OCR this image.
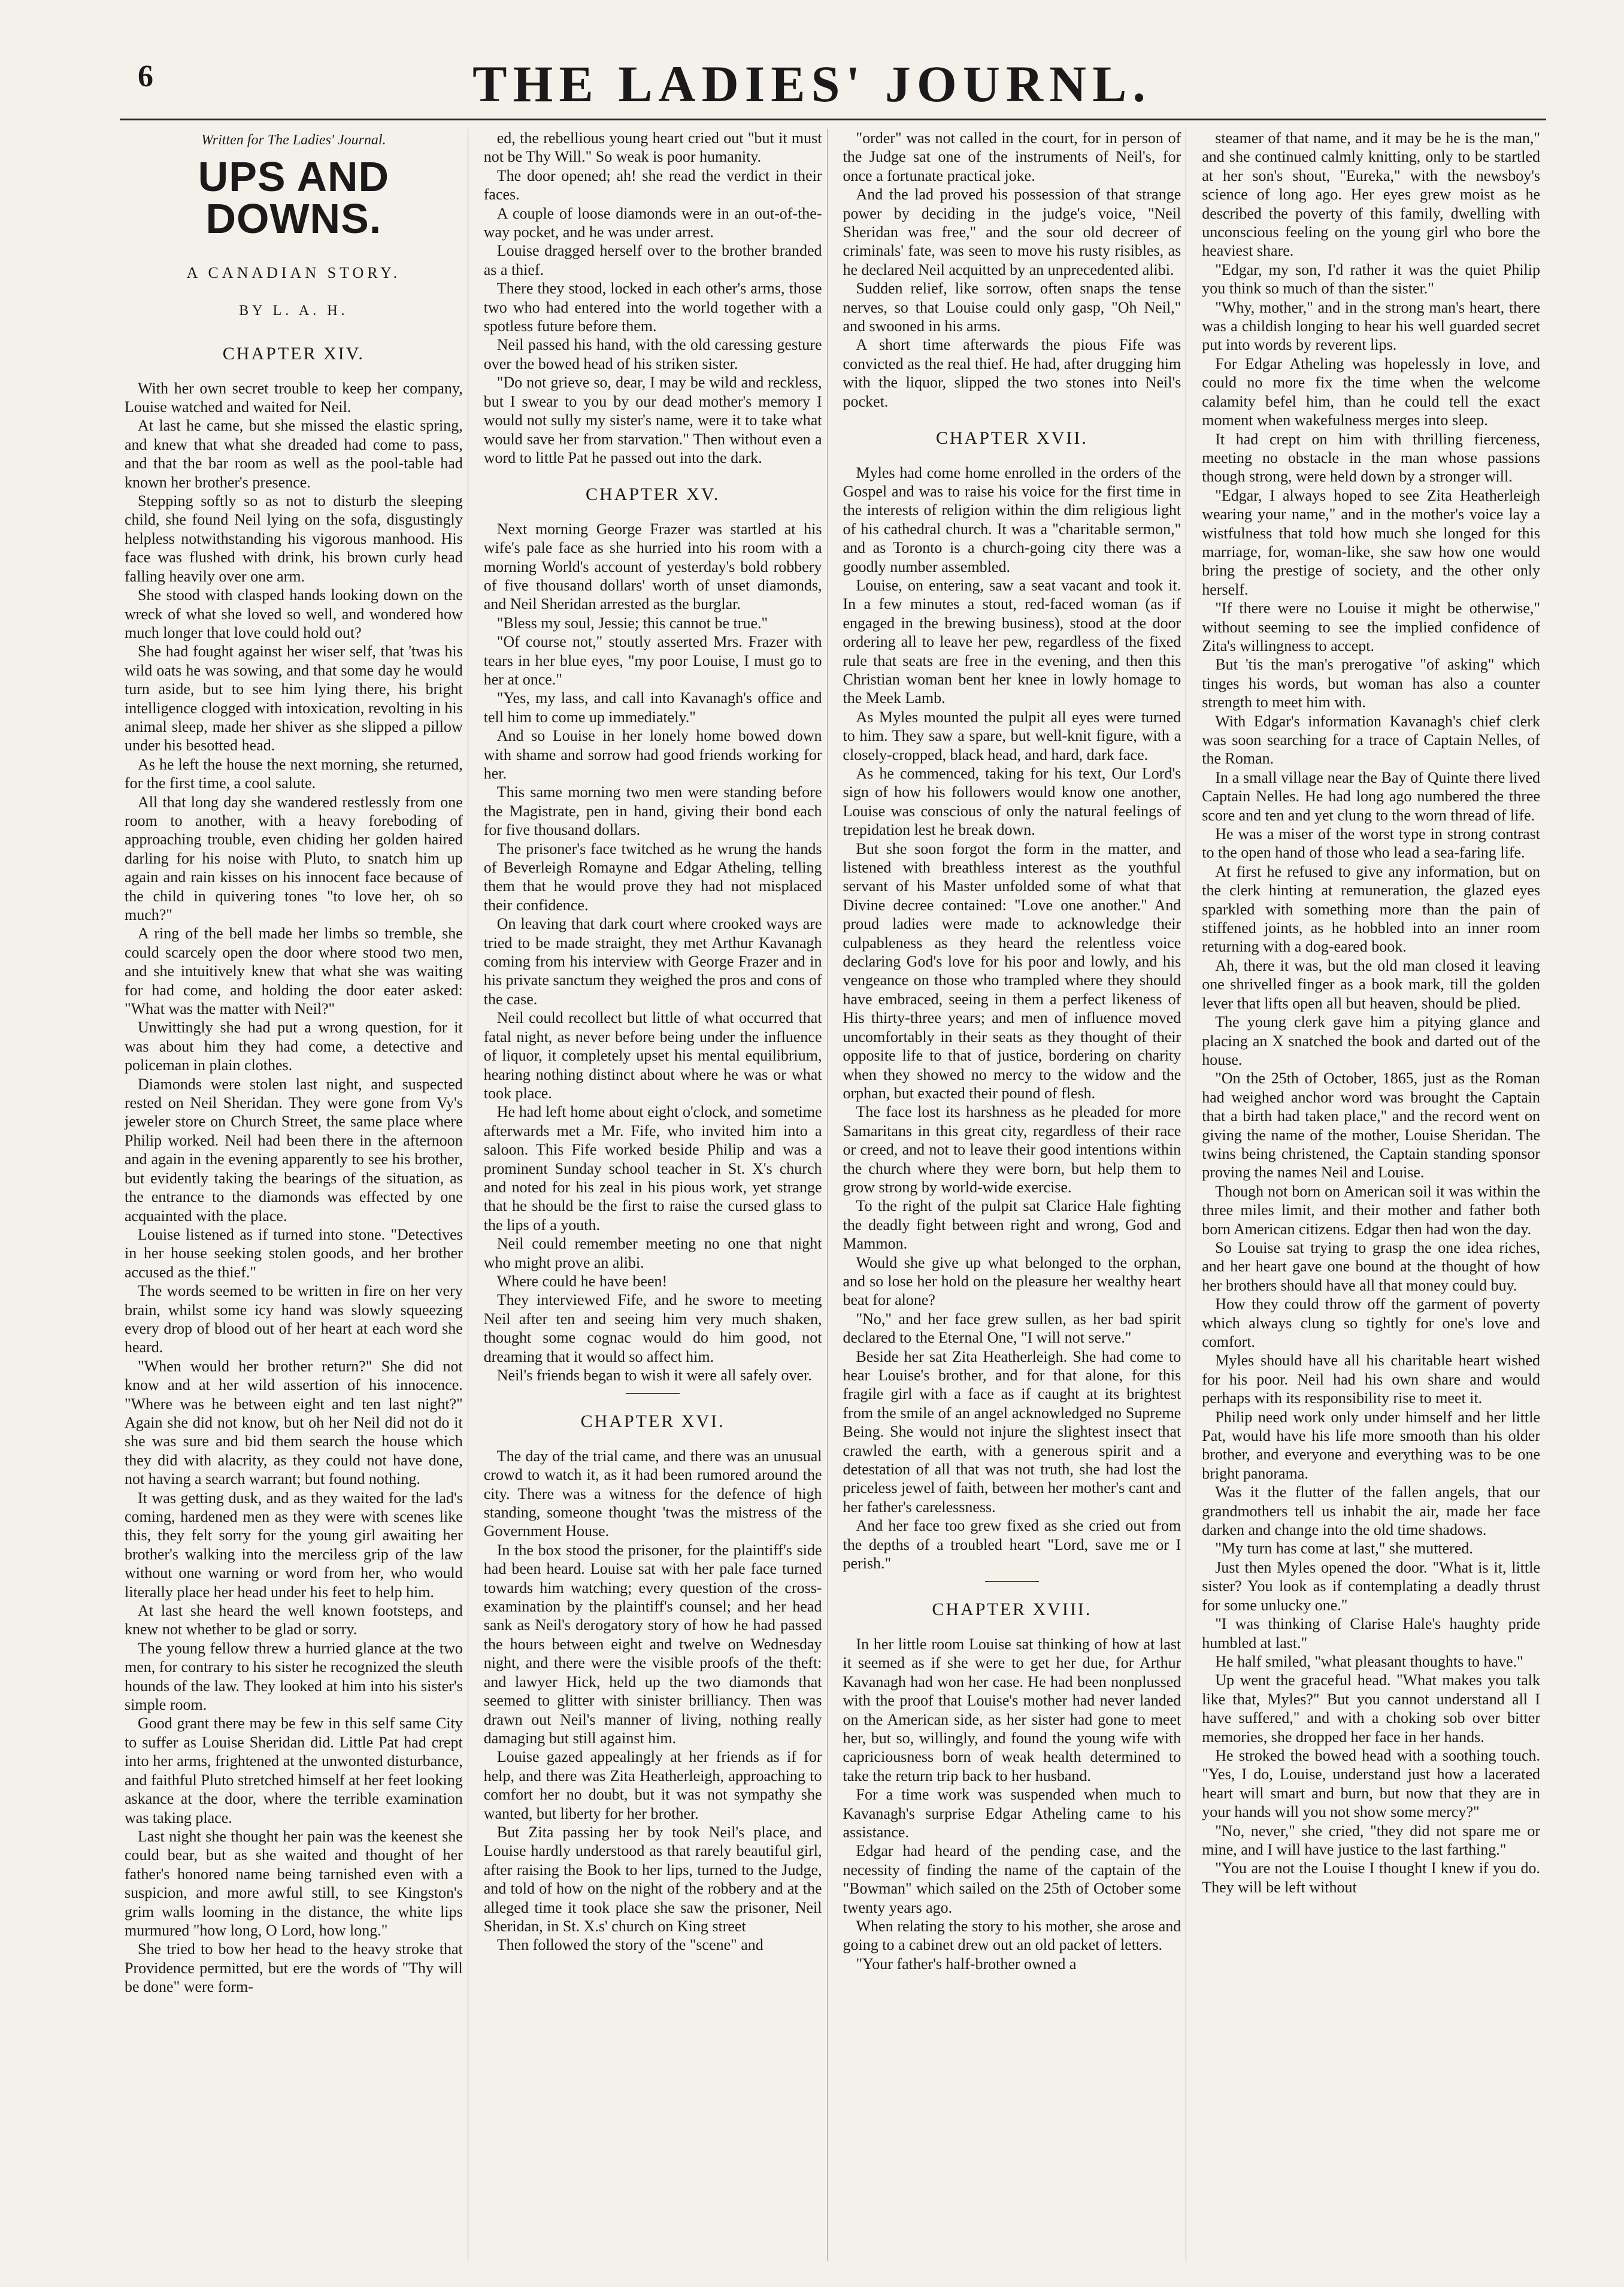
6	THE LADIES' JOURNL.
Written for The Ladies' Journal.
UPS AND DOWNS.
A CANADIAN STORY.
BY L. A. H.
CHAPTER XIV.

With her own secret trouble to keep her company, Louise watched and waited for Neil.

At last he came, but she missed the elastic spring, and knew that what she dreaded had come to pass, and that the bar room as well as the pool-table had known her brother's presence.

Stepping softly so as not to disturb the sleeping child, she found Neil lying on the sofa, disgustingly helpless notwithstanding his vigorous manhood. His face was flushed with drink, his brown curly head falling heavily over one arm.

She stood with clasped hands looking down on the wreck of what she loved so well, and wondered how much longer that love could hold out?

She had fought against her wiser self, that 'twas his wild oats he was sowing, and that some day he would turn aside, but to see him lying there, his bright intelligence clogged with intoxication, revolting in his animal sleep, made her shiver as she slipped a pillow under his besotted head.

As he left the house the next morning, she returned, for the first time, a cool salute.

All that long day she wandered restlessly from one room to another, with a heavy foreboding of approaching trouble, even chiding her golden haired darling for his noise with Pluto, to snatch him up again and rain kisses on his innocent face because of the child in quivering tones "to love her, oh so much?"

A ring of the bell made her limbs so tremble, she could scarcely open the door where stood two men, and she intuitively knew that what she was waiting for had come, and holding the door eater asked: "What was the matter with Neil?"

Unwittingly she had put a wrong question, for it was about him they had come, a detective and policeman in plain clothes.

Diamonds were stolen last night, and suspected rested on Neil Sheridan. They were gone from Vy's jeweler store on Church Street, the same place where Philip worked. Neil had been there in the afternoon and again in the evening apparently to see his brother, but evidently taking the bearings of the situation, as the entrance to the diamonds was effected by one acquainted with the place.

Louise listened as if turned into stone. "Detectives in her house seeking stolen goods, and her brother accused as the thief."

The words seemed to be written in fire on her very brain, whilst some icy hand was slowly squeezing every drop of blood out of her heart at each word she heard.

"When would her brother return?" She did not know and at her wild assertion of his innocence. "Where was he between eight and ten last night?" Again she did not know, but oh her Neil did not do it she was sure and bid them search the house which they did with alacrity, as they could not have done, not having a search warrant; but found nothing.

It was getting dusk, and as they waited for the lad's coming, hardened men as they were with scenes like this, they felt sorry for the young girl awaiting her brother's walking into the merciless grip of the law without one warning or word from her, who would literally place her head under his feet to help him.

At last she heard the well known footsteps, and knew not whether to be glad or sorry.

The young fellow threw a hurried glance at the two men, for contrary to his sister he recognized the sleuth hounds of the law. They looked at him into his sister's simple room.

Good grant there may be few in this self same City to suffer as Louise Sheridan did. Little Pat had crept into her arms, frightened at the unwonted disturbance, and faithful Pluto stretched himself at her feet looking askance at the door, where the terrible examination was taking place.

Last night she thought her pain was the keenest she could bear, but as she waited and thought of her father's honored name being tarnished even with a suspicion, and more awful still, to see Kingston's grim walls looming in the distance, the white lips murmured "how long, O Lord, how long."

She tried to bow her head to the heavy stroke that Providence permitted, but ere the words of "Thy will be done" were form-

ed, the rebellious young heart cried out "but it must not be Thy Will." So weak is poor humanity.

The door opened; ah! she read the verdict in their faces.

A couple of loose diamonds were in an out-of-the-way pocket, and he was under arrest.

Louise dragged herself over to the brother branded as a thief.

There they stood, locked in each other's arms, those two who had entered into the world together with a spotless future before them.

Neil passed his hand, with the old caressing gesture over the bowed head of his striken sister.

"Do not grieve so, dear, I may be wild and reckless, but I swear to you by our dead mother's memory I would not sully my sister's name, were it to take what would save her from starvation." Then without even a word to little Pat he passed out into the dark.

CHAPTER XV.

Next morning George Frazer was startled at his wife's pale face as she hurried into his room with a morning World's account of yesterday's bold robbery of five thousand dollars' worth of unset diamonds, and Neil Sheridan arrested as the burglar.

"Bless my soul, Jessie; this cannot be true."

"Of course not," stoutly asserted Mrs. Frazer with tears in her blue eyes, "my poor Louise, I must go to her at once."

"Yes, my lass, and call into Kavanagh's office and tell him to come up immediately."

And so Louise in her lonely home bowed down with shame and sorrow had good friends working for her.

This same morning two men were standing before the Magistrate, pen in hand, giving their bond each for five thousand dollars.

The prisoner's face twitched as he wrung the hands of Beverleigh Romayne and Edgar Atheling, telling them that he would prove they had not misplaced their confidence.

On leaving that dark court where crooked ways are tried to be made straight, they met Arthur Kavanagh coming from his interview with George Frazer and in his private sanctum they weighed the pros and cons of the case.

Neil could recollect but little of what occurred that fatal night, as never before being under the influence of liquor, it completely upset his mental equilibrium, hearing nothing distinct about where he was or what took place.

He had left home about eight o'clock, and sometime afterwards met a Mr. Fife, who invited him into a saloon. This Fife worked beside Philip and was a prominent Sunday school teacher in St. X's church and noted for his zeal in his pious work, yet strange that he should be the first to raise the cursed glass to the lips of a youth.

Neil could remember meeting no one that night who might prove an alibi.

Where could he have been!

They interviewed Fife, and he swore to meeting Neil after ten and seeing him very much shaken, thought some cognac would do him good, not dreaming that it would so affect him.

Neil's friends began to wish it were all safely over.

CHAPTER XVI.

The day of the trial came, and there was an unusual crowd to watch it, as it had been rumored around the city. There was a witness for the defence of high standing, someone thought 'twas the mistress of the Government House.

In the box stood the prisoner, for the plaintiff's side had been heard. Louise sat with her pale face turned towards him watching; every question of the cross-examination by the plaintiff's counsel; and her head sank as Neil's derogatory story of how he had passed the hours between eight and twelve on Wednesday night, and there were the visible proofs of the theft: and lawyer Hick, held up the two diamonds that seemed to glitter with sinister brilliancy. Then was drawn out Neil's manner of living, nothing really damaging but still against him.

Louise gazed appealingly at her friends as if for help, and there was Zita Heatherleigh, approaching to comfort her no doubt, but it was not sympathy she wanted, but liberty for her brother.

But Zita passing her by took Neil's place, and Louise hardly understood as that rarely beautiful girl, after raising the Book to her lips, turned to the Judge, and told of how on the night of the robbery and at the alleged time it took place she saw the prisoner, Neil Sheridan, in St. X.s' church on King street

Then followed the story of the "scene" and

"order" was not called in the court, for in person of the Judge sat one of the instruments of Neil's, for once a fortunate practical joke.

And the lad proved his possession of that strange power by deciding in the judge's voice, "Neil Sheridan was free," and the sour old decreer of criminals' fate, was seen to move his rusty risibles, as he declared Neil acquitted by an unprecedented alibi.

Sudden relief, like sorrow, often snaps the tense nerves, so that Louise could only gasp, "Oh Neil," and swooned in his arms.

A short time afterwards the pious Fife was convicted as the real thief. He had, after drugging him with the liquor, slipped the two stones into Neil's pocket.

CHAPTER XVII.

Myles had come home enrolled in the orders of the Gospel and was to raise his voice for the first time in the interests of religion within the dim religious light of his cathedral church. It was a "charitable sermon," and as Toronto is a church-going city there was a goodly number assembled.

Louise, on entering, saw a seat vacant and took it. In a few minutes a stout, red-faced woman (as if engaged in the brewing business), stood at the door ordering all to leave her pew, regardless of the fixed rule that seats are free in the evening, and then this Christian woman bent her knee in lowly homage to the Meek Lamb.

As Myles mounted the pulpit all eyes were turned to him. They saw a spare, but well-knit figure, with a closely-cropped, black head, and hard, dark face.

As he commenced, taking for his text, Our Lord's sign of how his followers would know one another, Louise was conscious of only the natural feelings of trepidation lest he break down.

But she soon forgot the form in the matter, and listened with breathless interest as the youthful servant of his Master unfolded some of what that Divine decree contained: "Love one another." And proud ladies were made to acknowledge their culpableness as they heard the relentless voice declaring God's love for his poor and lowly, and his vengeance on those who trampled where they should have embraced, seeing in them a perfect likeness of His thirty-three years; and men of influence moved uncomfortably in their seats as they thought of their opposite life to that of justice, bordering on charity when they showed no mercy to the widow and the orphan, but exacted their pound of flesh.

The face lost its harshness as he pleaded for more Samaritans in this great city, regardless of their race or creed, and not to leave their good intentions within the church where they were born, but help them to grow strong by world-wide exercise.

To the right of the pulpit sat Clarice Hale fighting the deadly fight between right and wrong, God and Mammon.

Would she give up what belonged to the orphan, and so lose her hold on the pleasure her wealthy heart beat for alone?

"No," and her face grew sullen, as her bad spirit declared to the Eternal One, "I will not serve."

Beside her sat Zita Heatherleigh. She had come to hear Louise's brother, and for that alone, for this fragile girl with a face as if caught at its brightest from the smile of an angel acknowledged no Supreme Being. She would not injure the slightest insect that crawled the earth, with a generous spirit and a detestation of all that was not truth, she had lost the priceless jewel of faith, between her mother's cant and her father's carelessness.

And her face too grew fixed as she cried out from the depths of a troubled heart "Lord, save me or I perish."

CHAPTER XVIII.

In her little room Louise sat thinking of how at last it seemed as if she were to get her due, for Arthur Kavanagh had won her case. He had been nonplussed with the proof that Louise's mother had never landed on the American side, as her sister had gone to meet her, but so, willingly, and found the young wife with capriciousness born of weak health determined to take the return trip back to her husband.

For a time work was suspended when much to Kavanagh's surprise Edgar Atheling came to his assistance.

Edgar had heard of the pending case, and the necessity of finding the name of the captain of the "Bowman" which sailed on the 25th of October some twenty years ago.

When relating the story to his mother, she arose and going to a cabinet drew out an old packet of letters.

"Your father's half-brother owned a

steamer of that name, and it may be he is the man," and she continued calmly knitting, only to be startled at her son's shout, "Eureka," with the newsboy's science of long ago. Her eyes grew moist as he described the poverty of this family, dwelling with unconscious feeling on the young girl who bore the heaviest share.

"Edgar, my son, I'd rather it was the quiet Philip you think so much of than the sister."

"Why, mother," and in the strong man's heart, there was a childish longing to hear his well guarded secret put into words by reverent lips.

For Edgar Atheling was hopelessly in love, and could no more fix the time when the welcome calamity befel him, than he could tell the exact moment when wakefulness merges into sleep.

It had crept on him with thrilling fierceness, meeting no obstacle in the man whose passions though strong, were held down by a stronger will.

"Edgar, I always hoped to see Zita Heatherleigh wearing your name," and in the mother's voice lay a wistfulness that told how much she longed for this marriage, for, woman-like, she saw how one would bring the prestige of society, and the other only herself.

"If there were no Louise it might be otherwise," without seeming to see the implied confidence of Zita's willingness to accept.

But 'tis the man's prerogative "of asking" which tinges his words, but woman has also a counter strength to meet him with.

With Edgar's information Kavanagh's chief clerk was soon searching for a trace of Captain Nelles, of the Roman.

In a small village near the Bay of Quinte there lived Captain Nelles. He had long ago numbered the three score and ten and yet clung to the worn thread of life.

He was a miser of the worst type in strong contrast to the open hand of those who lead a sea-faring life.

At first he refused to give any information, but on the clerk hinting at remuneration, the glazed eyes sparkled with something more than the pain of stiffened joints, as he hobbled into an inner room returning with a dog-eared book.

Ah, there it was, but the old man closed it leaving one shrivelled finger as a book mark, till the golden lever that lifts open all but heaven, should be plied.

The young clerk gave him a pitying glance and placing an X snatched the book and darted out of the house.

"On the 25th of October, 1865, just as the Roman had weighed anchor word was brought the Captain that a birth had taken place," and the record went on giving the name of the mother, Louise Sheridan. The twins being christened, the Captain standing sponsor proving the names Neil and Louise.

Though not born on American soil it was within the three miles limit, and their mother and father both born American citizens. Edgar then had won the day.

So Louise sat trying to grasp the one idea riches, and her heart gave one bound at the thought of how her brothers should have all that money could buy.

How they could throw off the garment of poverty which always clung so tightly for one's love and comfort.

Myles should have all his charitable heart wished for his poor. Neil had his own share and would perhaps with its responsibility rise to meet it.

Philip need work only under himself and her little Pat, would have his life more smooth than his older brother, and everyone and everything was to be one bright panorama.

Was it the flutter of the fallen angels, that our grandmothers tell us inhabit the air, made her face darken and change into the old time shadows.

"My turn has come at last," she muttered.

Just then Myles opened the door. "What is it, little sister? You look as if contemplating a deadly thrust for some unlucky one."

"I was thinking of Clarise Hale's haughty pride humbled at last."

He half smiled, "what pleasant thoughts to have."

Up went the graceful head. "What makes you talk like that, Myles?" But you cannot understand all I have suffered," and with a choking sob over bitter memories, she dropped her face in her hands.

He stroked the bowed head with a soothing touch. "Yes, I do, Louise, understand just how a lacerated heart will smart and burn, but now that they are in your hands will you not show some mercy?"

"No, never," she cried, "they did not spare me or mine, and I will have justice to the last farthing."

"You are not the Louise I thought I knew if you do. They will be left without
